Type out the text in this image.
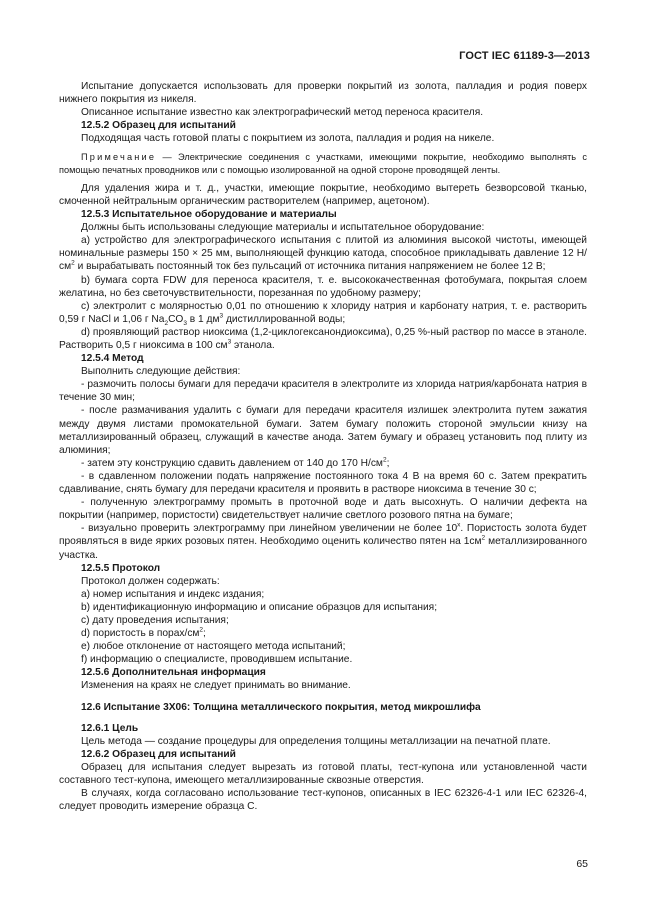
ГОСТ IEC 61189-3—2013

Испытание допускается использовать для проверки покрытий из золота, палладия и родия поверх нижнего покрытия из никеля.

Описанное испытание известно как электрографический метод переноса красителя.

12.5.2 Образец для испытаний

Подходящая часть готовой платы с покрытием из золота, палладия и родия на никеле.

Примечание — Электрические соединения с участками, имеющими покрытие, необходимо выполнять с помощью печатных проводников или с помощью изолированной на одной стороне проводящей ленты.

Для удаления жира и т. д., участки, имеющие покрытие, необходимо вытереть безворсовой тканью, смоченной нейтральным органическим растворителем (например, ацетоном).

12.5.3 Испытательное оборудование и материалы

Должны быть использованы следующие материалы и испытательное оборудование:

a) устройство для электрографического испытания с плитой из алюминия высокой чистоты, имеющей номинальные размеры 150 × 25 мм, выполняющей функцию катода, способное прикладывать давление 12 $Н/см^2$ и вырабатывать постоянный ток без пульсаций от источника питания напряжением не более 12 В;

b) бумага сорта FDW для переноса красителя, т. е. высококачественная фотобумага, покрытая слоем желатина, но без светочувствительности, порезанная по удобному размеру;

c) электролит с молярностью 0,01 по отношению к хлориду натрия и карбонату натрия, т. е. растворить 0,59 г NaCl и 1,06 г $Na_2CO_3$ в 1 $дм^3$ дистиллированной воды;

d) проявляющий раствор ниоксима (1,2-циклогексанондиоксима), 0,25 %-ный раствор по массе в этаноле. Растворить 0,5 г ниоксима в 100 $см^3$ этанола.

12.5.4 Метод

Выполнить следующие действия:

- размочить полосы бумаги для передачи красителя в электролите из хлорида натрия/карбоната натрия в течение 30 мин;

- после размачивания удалить с бумаги для передачи красителя излишек электролита путем зажатия между двумя листами промокательной бумаги. Затем бумагу положить стороной эмульсии книзу на металлизированный образец, служащий в качестве анода. Затем бумагу и образец установить под плиту из алюминия;

- затем эту конструкцию сдавить давлением от 140 до 170 $Н/см^2$;

- в сдавленном положении подать напряжение постоянного тока 4 В на время 60 с. Затем прекратить сдавливание, снять бумагу для передачи красителя и проявить в растворе ниоксима в течение 30 с;

- полученную электрограмму промыть в проточной воде и дать высохнуть. О наличии дефекта на покрытии (например, пористости) свидетельствует наличие светлого розового пятна на бумаге;

- визуально проверить электрограмму при линейном увеличении не более $10^х$. Пористость золота будет проявляться в виде ярких розовых пятен. Необходимо оценить количество пятен на $1см^2$ металлизированного участка.

12.5.5 Протокол

Протокол должен содержать:

a) номер испытания и индекс издания;

b) идентификационную информацию и описание образцов для испытания;

c) дату проведения испытания;

d) пористость в порах/$см^2$;

e) любое отклонение от настоящего метода испытаний;

f) информацию о специалисте, проводившем испытание.

12.5.6 Дополнительная информация

Изменения на краях не следует принимать во внимание.

12.6 Испытание 3X06: Толщина металлического покрытия, метод микрошлифа
12.6.1 Цель

Цель метода — создание процедуры для определения толщины металлизации на печатной плате.

12.6.2 Образец для испытаний

Образец для испытания следует вырезать из готовой платы, тест-купона или установленной части составного тест-купона, имеющего металлизированные сквозные отверстия.

В случаях, когда согласовано использование тест-купонов, описанных в IEC 62326-4-1 или IEC 62326-4, следует проводить измерение образца C.

65
